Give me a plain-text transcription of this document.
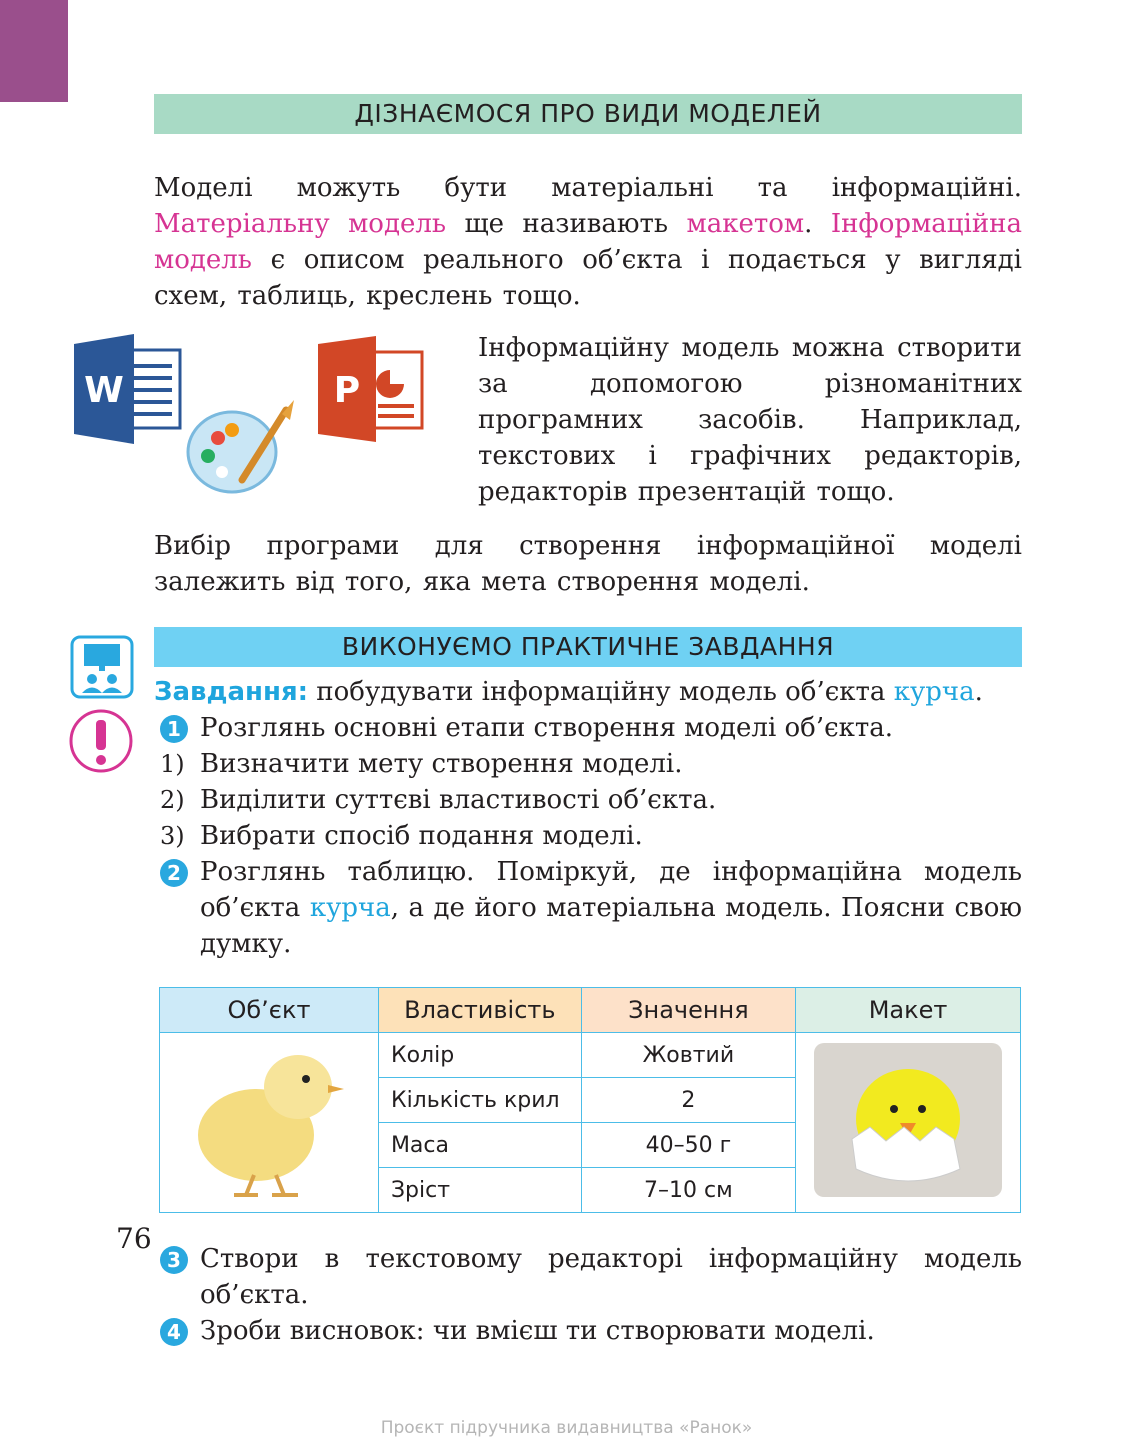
ДІЗНАЄМОСЯ ПРО ВИДИ МОДЕЛЕЙ
Моделі можуть бути матеріальні та інформаційні. Матеріальну модель ще називають макетом. Інформаційна модель є описом реального об’єкта і подається у вигляді схем, таблиць, креслень тощо.
W	P
Інформаційну модель можна створити за допомогою різноманітних програмних засобів. Наприклад, текстових і графічних редакторів, редакторів презентацій тощо.
Вибір програми для створення інформаційної моделі залежить від того, яка мета створення моделі.
ВИКОНУЄМО ПРАКТИЧНЕ ЗАВДАННЯ
Завдання: побудувати інформаційну модель об’єкта курча.
1 Розглянь основні етапи створення моделі об’єкта.
1) Визначити мету створення моделі.
2) Виділити суттєві властивості об’єкта.
3) Вибрати спосіб подання моделі.
2 Розглянь таблицю. Поміркуй, де інформаційна модель об’єкта курча, а де його матеріальна модель. Поясни свою думку.
Об’єкт	Властивість	Значення	Макет
	Колір	Жовтий	
	Кількість крил	2	
	Маса	40–50 г	
	Зріст	7–10 см	
3 Створи в текстовому редакторі інформаційну модель об’єкта.
4 Зроби висновок: чи вмієш ти створювати моделі.
76
Проєкт підручника видавництва «Ранок»
